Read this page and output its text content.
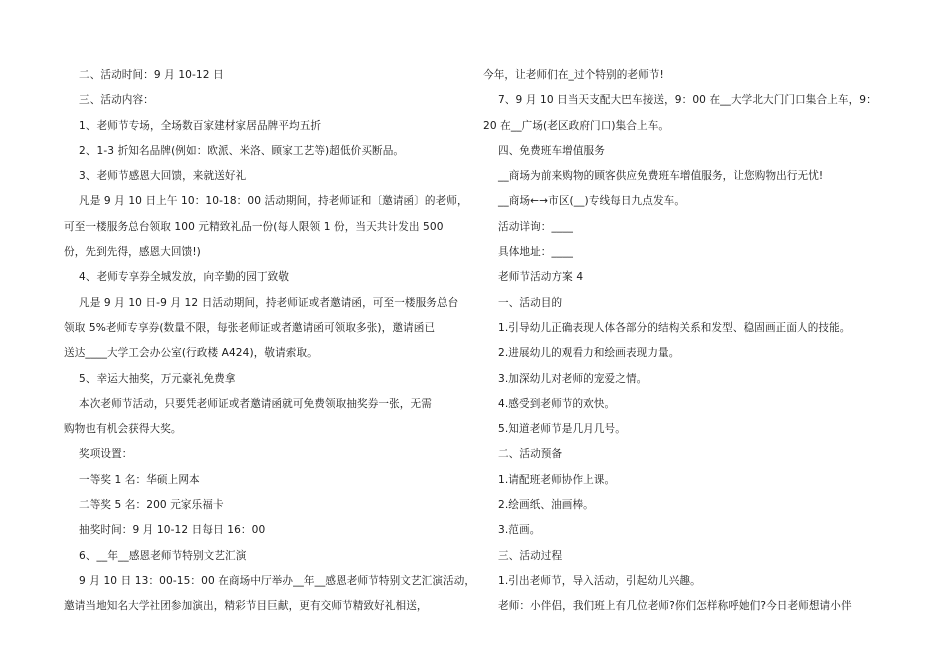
二、活动时间：9 月 10-12 日
三、活动内容：
1、老师节专场，全场数百家建材家居品牌平均五折
2、1-3 折知名品牌(例如：欧派、米洛、顾家工艺等)超低价买断品。
3、老师节感恩大回馈，来就送好礼
凡是 9 月 10 日上午 10：10-18：00 活动期间，持老师证和〔邀请函〕的老师，
可至一楼服务总台领取 100 元精致礼品一份(每人限领 1 份，当天共计发出 500
份，先到先得，感恩大回馈!)
4、老师专享券全城发放，向辛勤的园丁致敬
凡是 9 月 10 日-9 月 12 日活动期间，持老师证或者邀请函，可至一楼服务总台
领取 5%老师专享券(数量不限，每张老师证或者邀请函可领取多张)，邀请函已
送达____大学工会办公室(行政楼 A424)，敬请索取。
5、幸运大抽奖，万元豪礼免费拿
本次老师节活动，只要凭老师证或者邀请函就可免费领取抽奖券一张，无需
购物也有机会获得大奖。
奖项设置：
一等奖 1 名：华硕上网本
二等奖 5 名：200 元家乐福卡
抽奖时间：9 月 10-12 日每日 16：00
6、__年__感恩老师节特别文艺汇演
9 月 10 日 13：00-15：00 在商场中厅举办__年__感恩老师节特别文艺汇演活动，
邀请当地知名大学社团参加演出，精彩节目巨献，更有交师节精致好礼相送，
今年，让老师们在_过个特别的老师节!
7、9 月 10 日当天支配大巴车接送，9：00 在__大学北大门门口集合上车，9：
20 在__广场(老区政府门口)集合上车。
四、免费班车增值服务
__商场为前来购物的顾客供应免费班车增值服务，让您购物出行无忧!
__商场←→市区(__)专线每日九点发车。
活动详询：____
具体地址：____
老师节活动方案 4
一、活动目的
1.引导幼儿正确表现人体各部分的结构关系和发型、稳固画正面人的技能。
2.进展幼儿的观看力和绘画表现力量。
3.加深幼儿对老师的宠爱之情。
4.感受到老师节的欢快。
5.知道老师节是几月几号。
二、活动预备
1.请配班老师协作上课。
2.绘画纸、油画棒。
3.范画。
三、活动过程
1.引出老师节，导入活动，引起幼儿兴趣。
老师：小伴侣，我们班上有几位老师?你们怎样称呼她们?今日老师想请小伴
